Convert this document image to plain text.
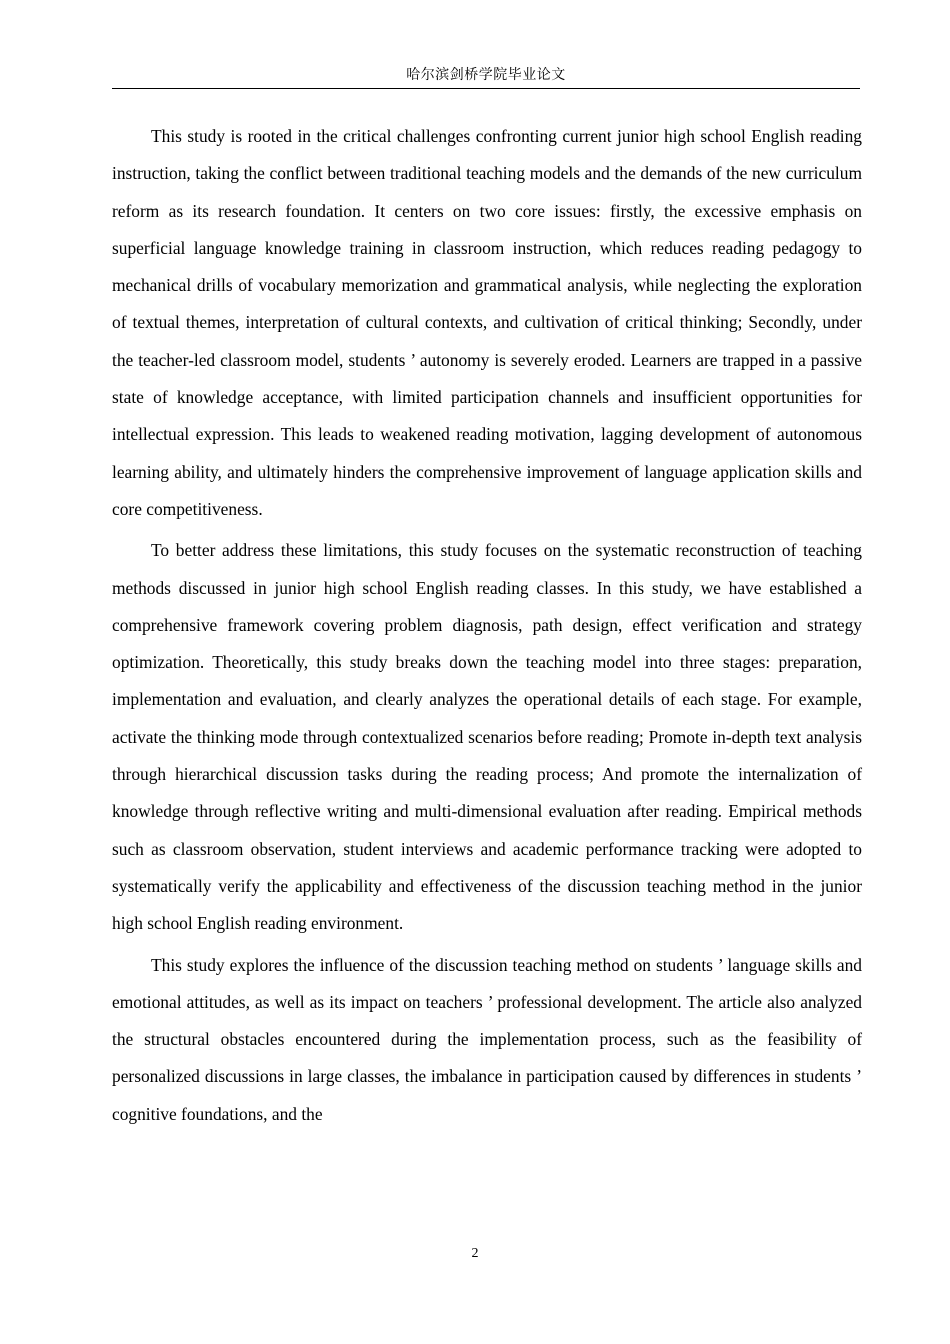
哈尔滨剑桥学院毕业论文

This study is rooted in the critical challenges confronting current junior high school English reading instruction, taking the conflict between traditional teaching models and the demands of the new curriculum reform as its research foundation. It centers on two core issues: firstly, the excessive emphasis on superficial language knowledge training in classroom instruction, which reduces reading pedagogy to mechanical drills of vocabulary memorization and grammatical analysis, while neglecting the exploration of textual themes, interpretation of cultural contexts, and cultivation of critical thinking; Secondly, under the teacher-led classroom model, students ’ autonomy is severely eroded. Learners are trapped in a passive state of knowledge acceptance, with limited participation channels and insufficient opportunities for intellectual expression. This leads to weakened reading motivation, lagging development of autonomous learning ability, and ultimately hinders the comprehensive improvement of language application skills and core competitiveness.

To better address these limitations, this study focuses on the systematic reconstruction of teaching methods discussed in junior high school English reading classes. In this study, we have established a comprehensive framework covering problem diagnosis, path design, effect verification and strategy optimization. Theoretically, this study breaks down the teaching model into three stages: preparation, implementation and evaluation, and clearly analyzes the operational details of each stage. For example, activate the thinking mode through contextualized scenarios before reading; Promote in-depth text analysis through hierarchical discussion tasks during the reading process; And promote the internalization of knowledge through reflective writing and multi-dimensional evaluation after reading. Empirical methods such as classroom observation, student interviews and academic performance tracking were adopted to systematically verify the applicability and effectiveness of the discussion teaching method in the junior high school English reading environment.

This study explores the influence of the discussion teaching method on students ’ language skills and emotional attitudes, as well as its impact on teachers ’ professional development. The article also analyzed the structural obstacles encountered during the implementation process, such as the feasibility of personalized discussions in large classes, the imbalance in participation caused by differences in students ’ cognitive foundations, and the

2
